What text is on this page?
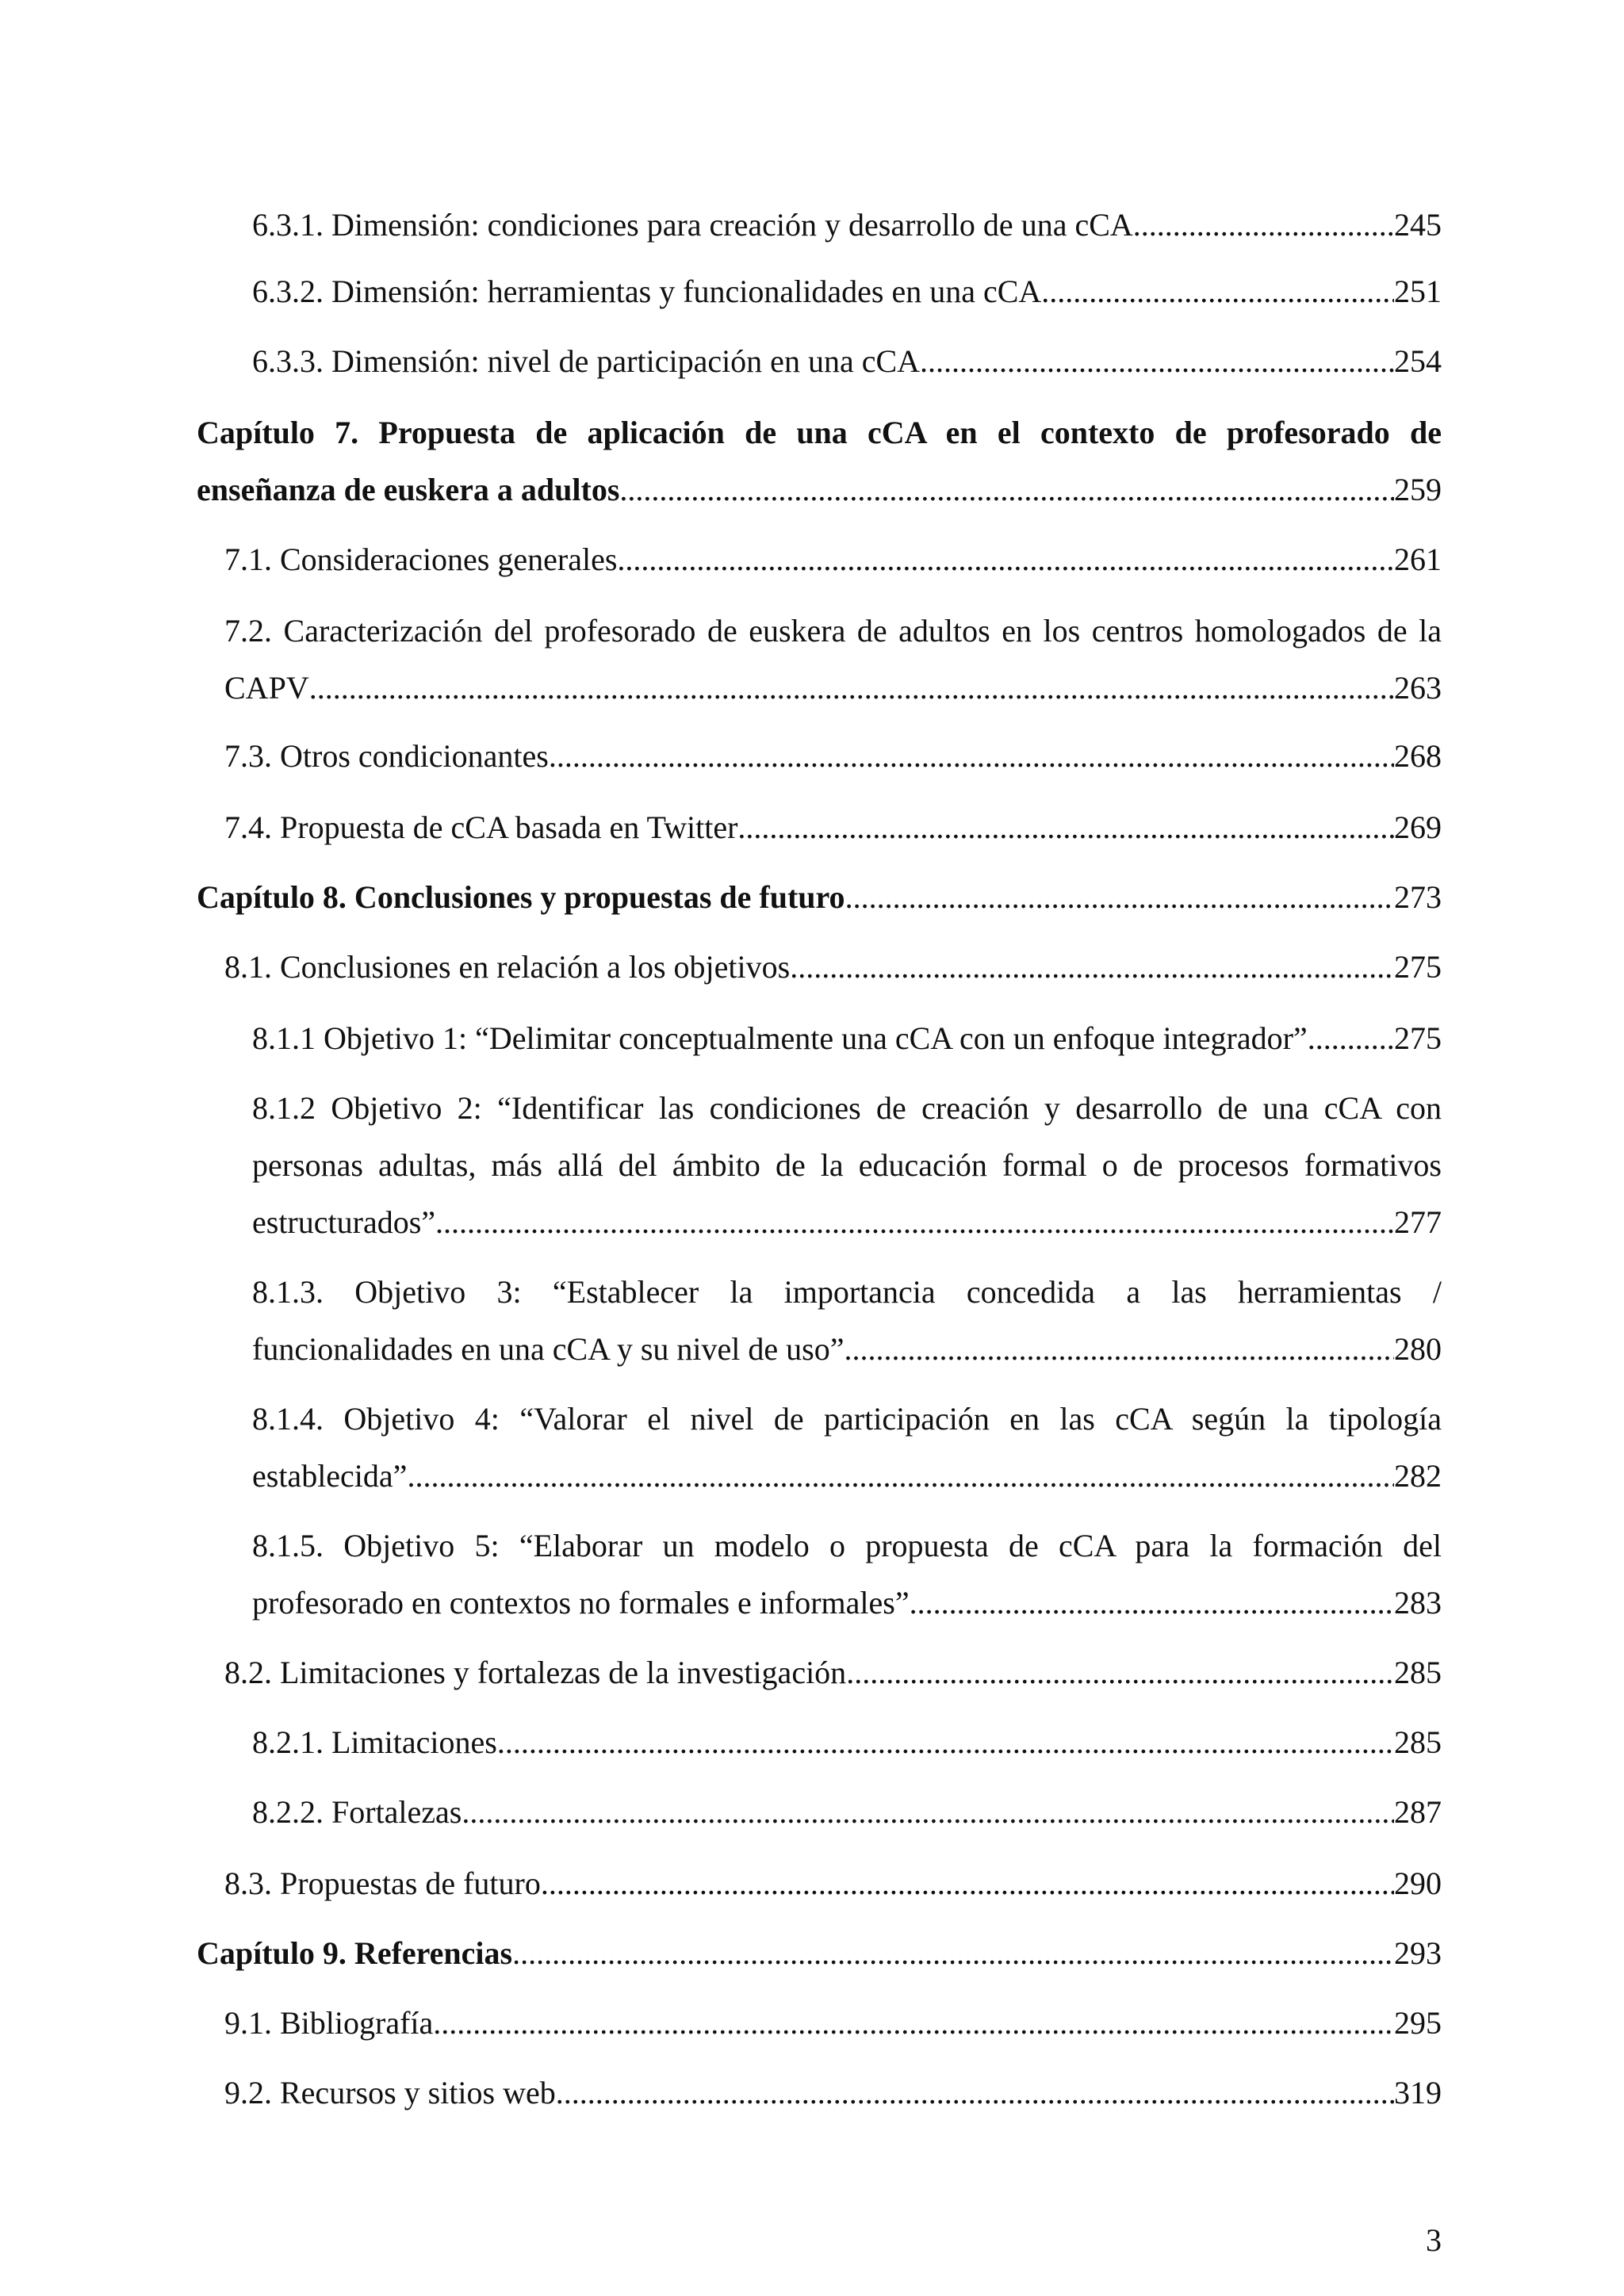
6.3.1. Dimensión: condiciones para creación y desarrollo de una cCA .....	245
6.3.2. Dimensión: herramientas y funcionalidades en una cCA .....	251
6.3.3. Dimensión: nivel de participación en una cCA .....	254
Capítulo 7. Propuesta de aplicación de una cCA en el contexto de profesorado de
enseñanza de euskera a adultos .....	259
7.1. Consideraciones generales .....	261
7.2. Caracterización del profesorado de euskera de adultos en los centros homologados de la
CAPV .....	263
7.3. Otros condicionantes .....	268
7.4. Propuesta de cCA basada en Twitter .....	269
Capítulo 8. Conclusiones y propuestas de futuro .....	273
8.1. Conclusiones en relación a los objetivos .....	275
8.1.1 Objetivo 1: “Delimitar conceptualmente una cCA con un enfoque integrador” .....	275
8.1.2 Objetivo 2: “Identificar las condiciones de creación y desarrollo de una cCA con
personas adultas, más allá del ámbito de la educación formal o de procesos formativos
estructurados” .....	277
8.1.3. Objetivo 3: “Establecer la importancia concedida a las herramientas /
funcionalidades en una cCA y su nivel de uso” .....	280
8.1.4. Objetivo 4: “Valorar el nivel de participación en las cCA según la tipología
establecida” .....	282
8.1.5. Objetivo 5: “Elaborar un modelo o propuesta de cCA para la formación del
profesorado en contextos no formales e informales” .....	283
8.2. Limitaciones y fortalezas de la investigación .....	285
8.2.1. Limitaciones .....	285
8.2.2. Fortalezas .....	287
8.3. Propuestas de futuro .....	290
Capítulo 9. Referencias .....	293
9.1. Bibliografía .....	295
9.2. Recursos y sitios web .....	319
3
